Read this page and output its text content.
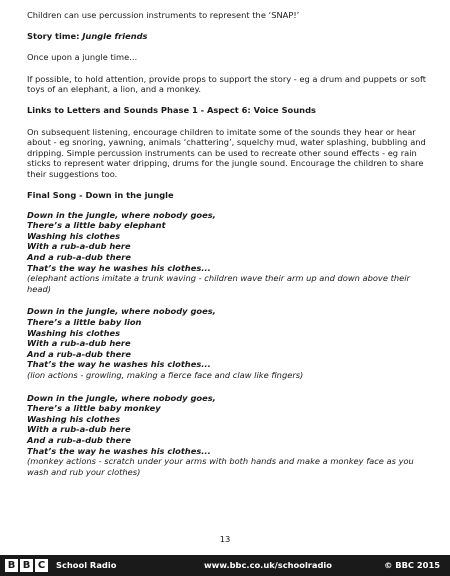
Children can use percussion instruments to represent the ‘SNAP!’

Story time: Jungle friends

Once upon a jungle time...

If possible, to hold attention, provide props to support the story - eg a drum and puppets or soft toys of an elephant, a lion, and a monkey.

Links to Letters and Sounds Phase 1 - Aspect 6: Voice Sounds

On subsequent listening, encourage children to imitate some of the sounds they hear or hear about - eg snoring, yawning, animals ‘chattering’, squelchy mud, water splashing, bubbling and dripping. Simple percussion instruments can be used to recreate other sound effects - eg rain sticks to represent water dripping, drums for the jungle sound. Encourage the children to share their suggestions too.

Final Song - Down in the jungle

Down in the jungle, where nobody goes,
There’s a little baby elephant
Washing his clothes
With a rub-a-dub here
And a rub-a-dub there
That’s the way he washes his clothes...
(elephant actions imitate a trunk waving - children wave their arm up and down above their head)
Down in the jungle, where nobody goes,
There’s a little baby lion
Washing his clothes
With a rub-a-dub here
And a rub-a-dub there
That’s the way he washes his clothes...
(lion actions - growling, making a fierce face and claw like fingers)
Down in the jungle, where nobody goes,
There’s a little baby monkey
Washing his clothes
With a rub-a-dub here
And a rub-a-dub there
That’s the way he washes his clothes...
(monkey actions - scratch under your arms with both hands and make a monkey face as you wash and rub your clothes)
13
B B C	School Radio	www.bbc.co.uk/schoolradio	© BBC 2015
